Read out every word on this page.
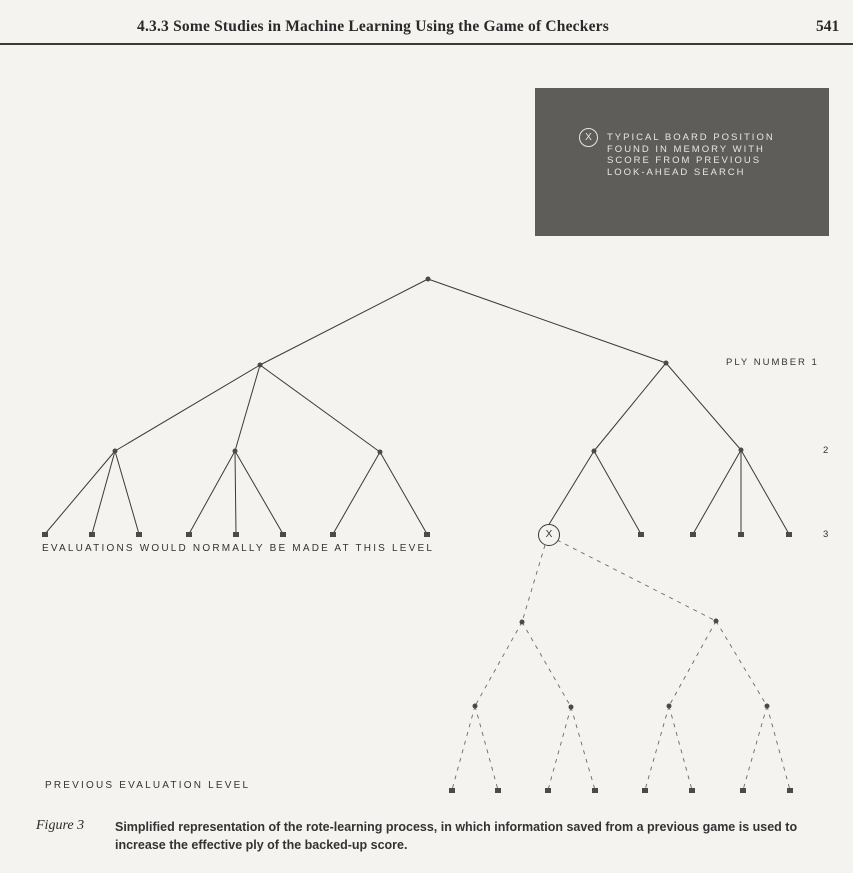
4.3.3 Some Studies in Machine Learning Using the Game of Checkers	541
X	TYPICAL BOARD POSITION
FOUND IN MEMORY WITH
SCORE FROM PREVIOUS
LOOK-AHEAD SEARCH
X
PLY NUMBER 1
2
3
EVALUATIONS WOULD NORMALLY BE MADE AT THIS LEVEL
PREVIOUS EVALUATION LEVEL
Figure 3 Simplified representation of the rote-learning process, in which information saved from a previous game is used to increase the effective ply of the backed-up score.
